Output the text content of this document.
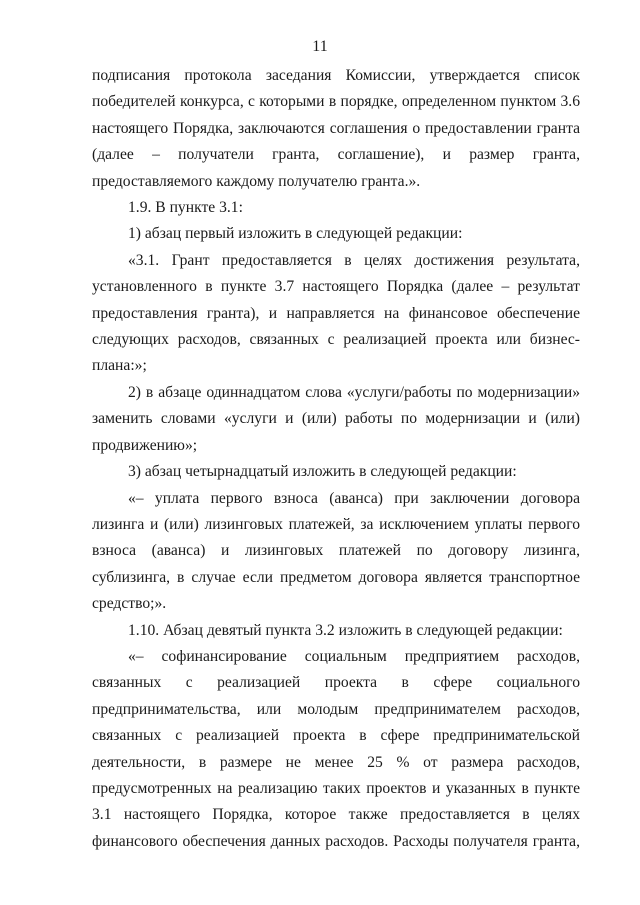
11

подписания протокола заседания Комиссии, утверждается список победителей конкурса, с которыми в порядке, определенном пунктом 3.6 настоящего Порядка, заключаются соглашения о предоставлении гранта (далее – получатели гранта, соглашение), и размер гранта, предоставляемого каждому получателю гранта.».

1.9. В пункте 3.1:

1) абзац первый изложить в следующей редакции:

«3.1. Грант предоставляется в целях достижения результата, установленного в пункте 3.7 настоящего Порядка (далее – результат предоставления гранта), и направляется на финансовое обеспечение следующих расходов, связанных с реализацией проекта или бизнес-плана:»;

2) в абзаце одиннадцатом слова «услуги/работы по модернизации» заменить словами «услуги и (или) работы по модернизации и (или) продвижению»;

3) абзац четырнадцатый изложить в следующей редакции:

«– уплата первого взноса (аванса) при заключении договора лизинга и (или) лизинговых платежей, за исключением уплаты первого взноса (аванса) и лизинговых платежей по договору лизинга, сублизинга, в случае если предметом договора является транспортное средство;».

1.10. Абзац девятый пункта 3.2 изложить в следующей редакции:

«– софинансирование социальным предприятием расходов, связанных с реализацией проекта в сфере социального предпринимательства, или молодым предпринимателем расходов, связанных с реализацией проекта в сфере предпринимательской деятельности, в размере не менее 25 % от размера расходов, предусмотренных на реализацию таких проектов и указанных в пункте 3.1 настоящего Порядка, которое также предоставляется в целях финансового обеспечения данных расходов. Расходы получателя гранта,
